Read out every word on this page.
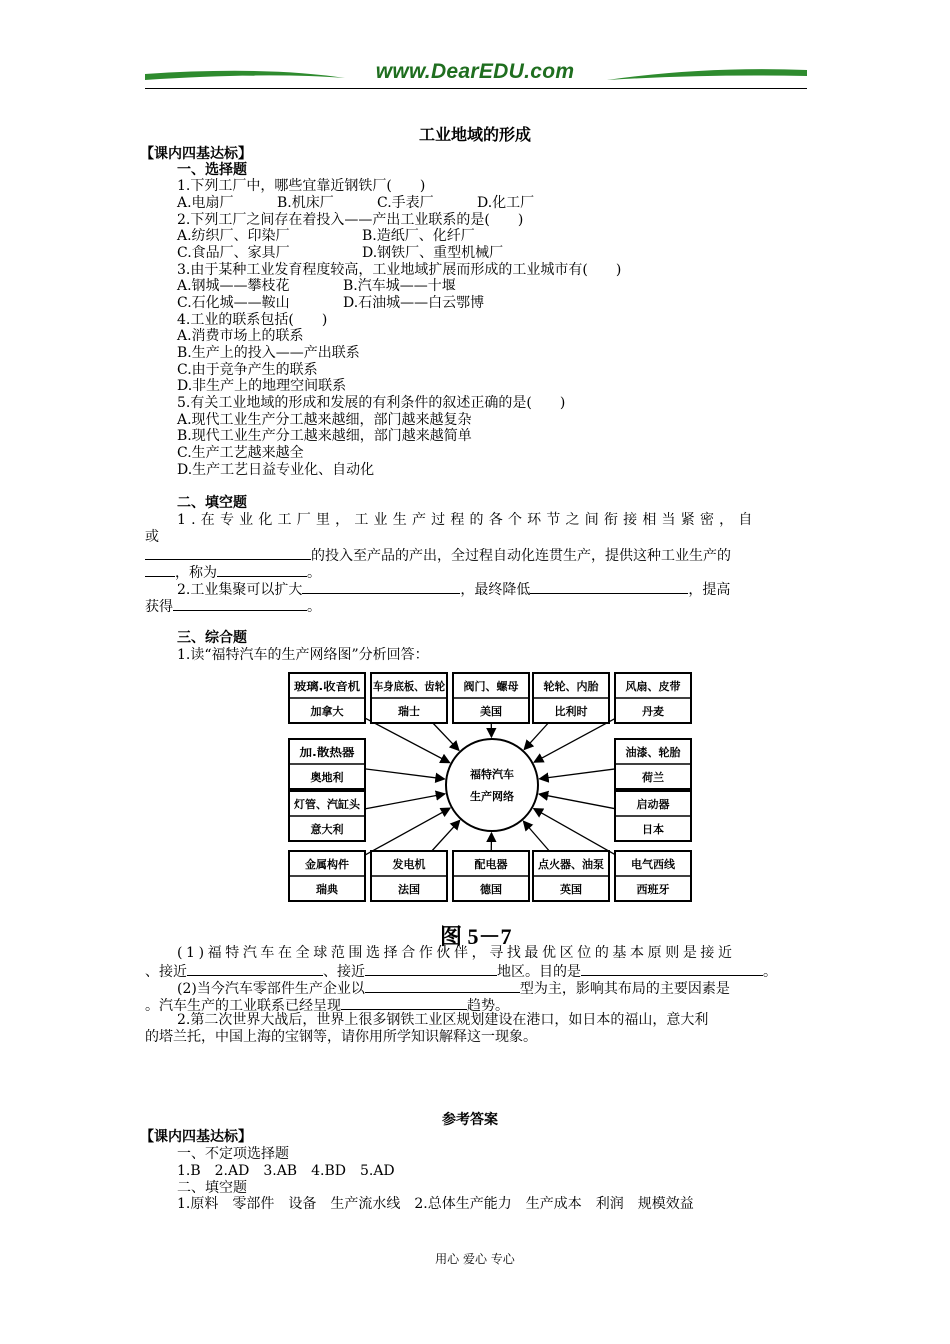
www.DearEDU.com
工业地域的形成
【课内四基达标】
一、选择题
1.下列工厂中，哪些宜靠近钢铁厂(　　)
A.电扇厂	B.机床厂	C.手表厂	D.化工厂
2.下列工厂之间存在着投入——产出工业联系的是(　　)
A.纺织厂、印染厂	B.造纸厂、化纤厂
C.食品厂、家具厂	D.钢铁厂、重型机械厂
3.由于某种工业发育程度较高，工业地域扩展而形成的工业城市有(　　)
A.钢城——攀枝花	B.汽车城——十堰
C.石化城——鞍山	D.石油城——白云鄂博
4.工业的联系包括(　　)
A.消费市场上的联系
B.生产上的投入——产出联系
C.由于竞争产生的联系
D.非生产上的地理空间联系
5.有关工业地域的形成和发展的有利条件的叙述正确的是(　　)
A.现代工业生产分工越来越细，部门越来越复杂
B.现代工业生产分工越来越细，部门越来越简单
C.生产工艺越来越全
D.生产工艺日益专业化、自动化
二、填空题
1.在专业化工厂里，工业生产过程的各个环节之间衔接相当紧密，自
或
的投入至产品的产出，全过程自动化连贯生产，提供这种工业生产的
，称为	。
2.工业集聚可以扩大	，最终降低	，提高
获得	。
三、综合题
1.读“福特汽车的生产网络图”分析回答：
玻璃.收音机
加拿大
车身底板、齿轮
瑞士
阀门、螺母
美国
轮轮、内胎
比利时
风扇、皮带
丹麦
加.散热器
奥地利
油漆、轮胎
荷兰
灯管、汽缸头
意大利
启动器
日本
金属构件
瑞典
发电机
法国
配电器
德国
点火器、油泵
英国
电气西线
西班牙
福特汽车
生产网络
图 5－7
(1)福特汽车在全球范围选择合作伙伴，寻找最优区位的基本原则是接近
、接近	、接近	地区。目的是	。
(2)当今汽车零部件生产企业以	型为主，影响其布局的主要因素是
。汽车生产的工业联系已经呈现	趋势。
2.第二次世界大战后，世界上很多钢铁工业区规划建设在港口，如日本的福山，意大利
的塔兰托，中国上海的宝钢等，请你用所学知识解释这一现象。
参考答案
【课内四基达标】
一、不定项选择题
1.B　2.AD　3.AB　4.BD　5.AD
二、填空题
1.原料　零部件　设备　生产流水线　2.总体生产能力　生产成本　利润　规模效益
用心 爱心 专心
